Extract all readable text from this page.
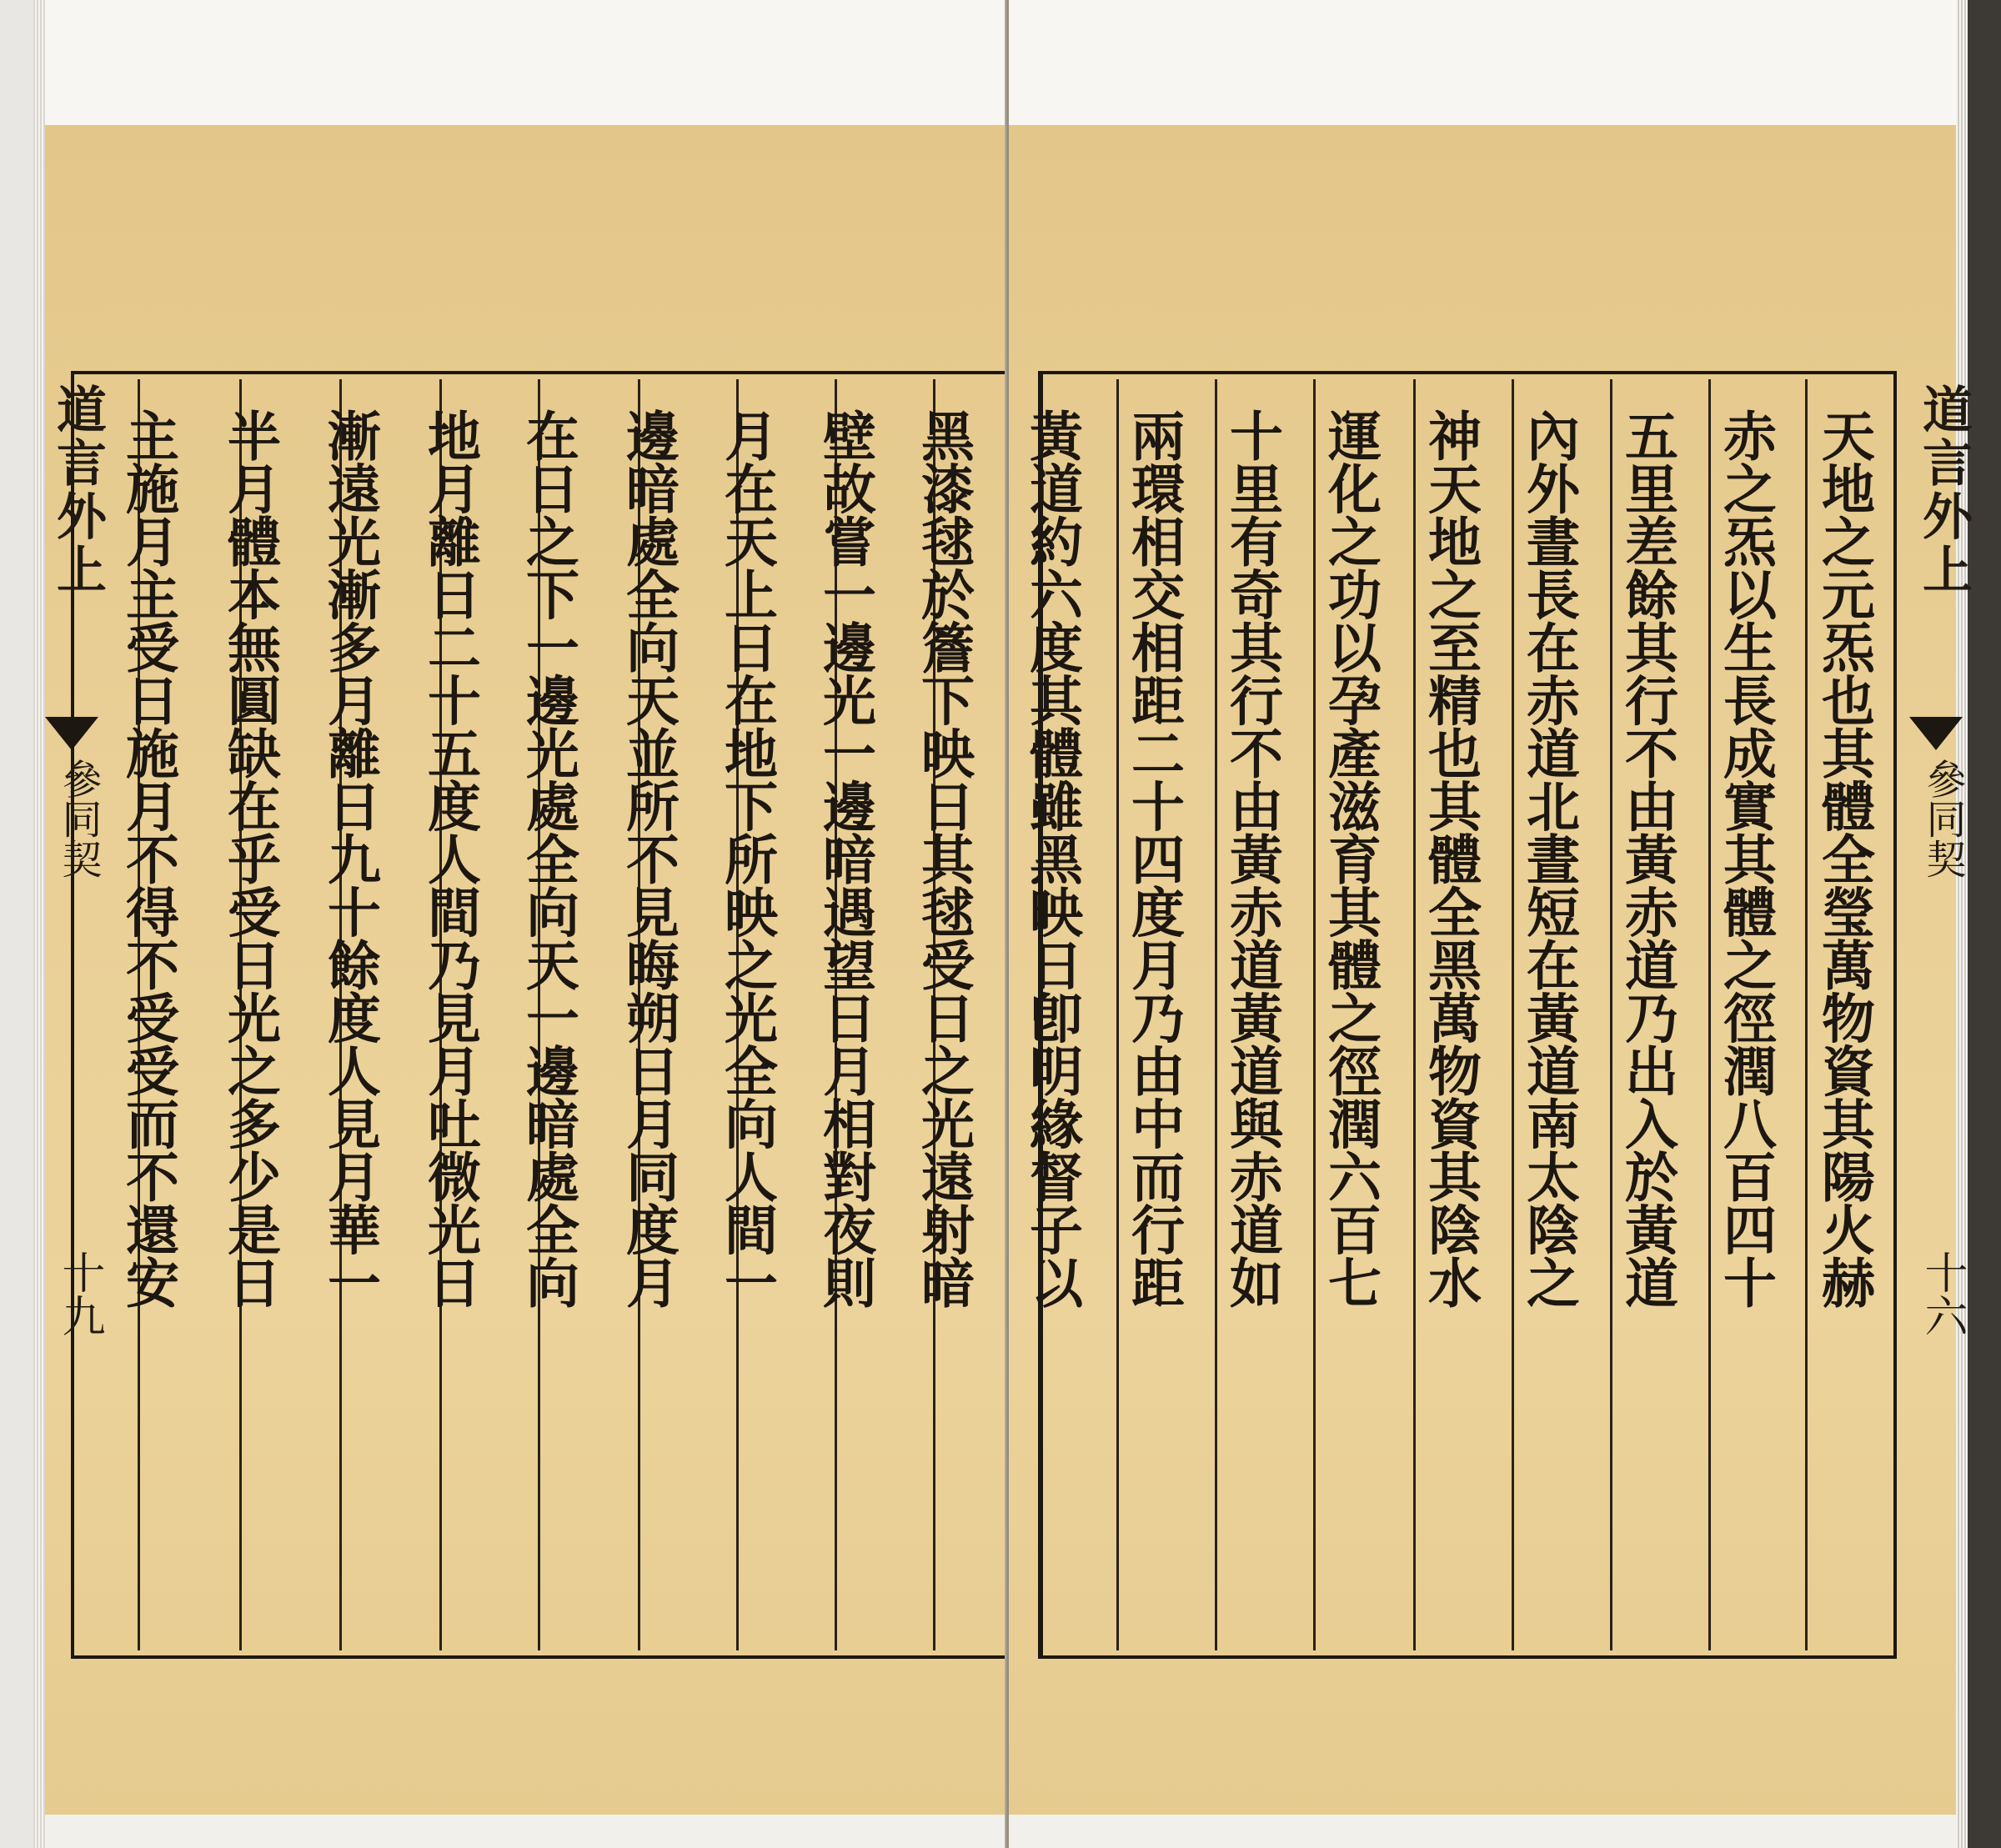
道言外上
參同契
十九	黑漆毬於簷下映日其毬受日之光遠射暗
壁故嘗一邊光一邊暗遇望日月相對夜則
月在天上日在地下所映之光全向人間一
邊暗處全向天並所不見晦朔日月同度月
在日之下一邊光處全向天一邊暗處全向
地月離日二十五度人間乃見月吐微光日
漸遠光漸多月離日九十餘度人見月華一
半月體本無圓缺在乎受日光之多少是日
主施月主受日施月不得不受受而不還安	道言外上
參同契
十六
天地之元炁也其體全瑩萬物資其陽火赫
赤之炁以生長成實其體之徑潤八百四十
五里差餘其行不由黃赤道乃出入於黃道
內外晝長在赤道北晝短在黃道南太陰之
神天地之至精也其體全黑萬物資其陰水
運化之功以孕產滋育其體之徑潤六百七
十里有奇其行不由黃赤道黃道與赤道如
兩環相交相距二十四度月乃由中而行距
黃道約六度其體雖黑映日卽明緣督子以
